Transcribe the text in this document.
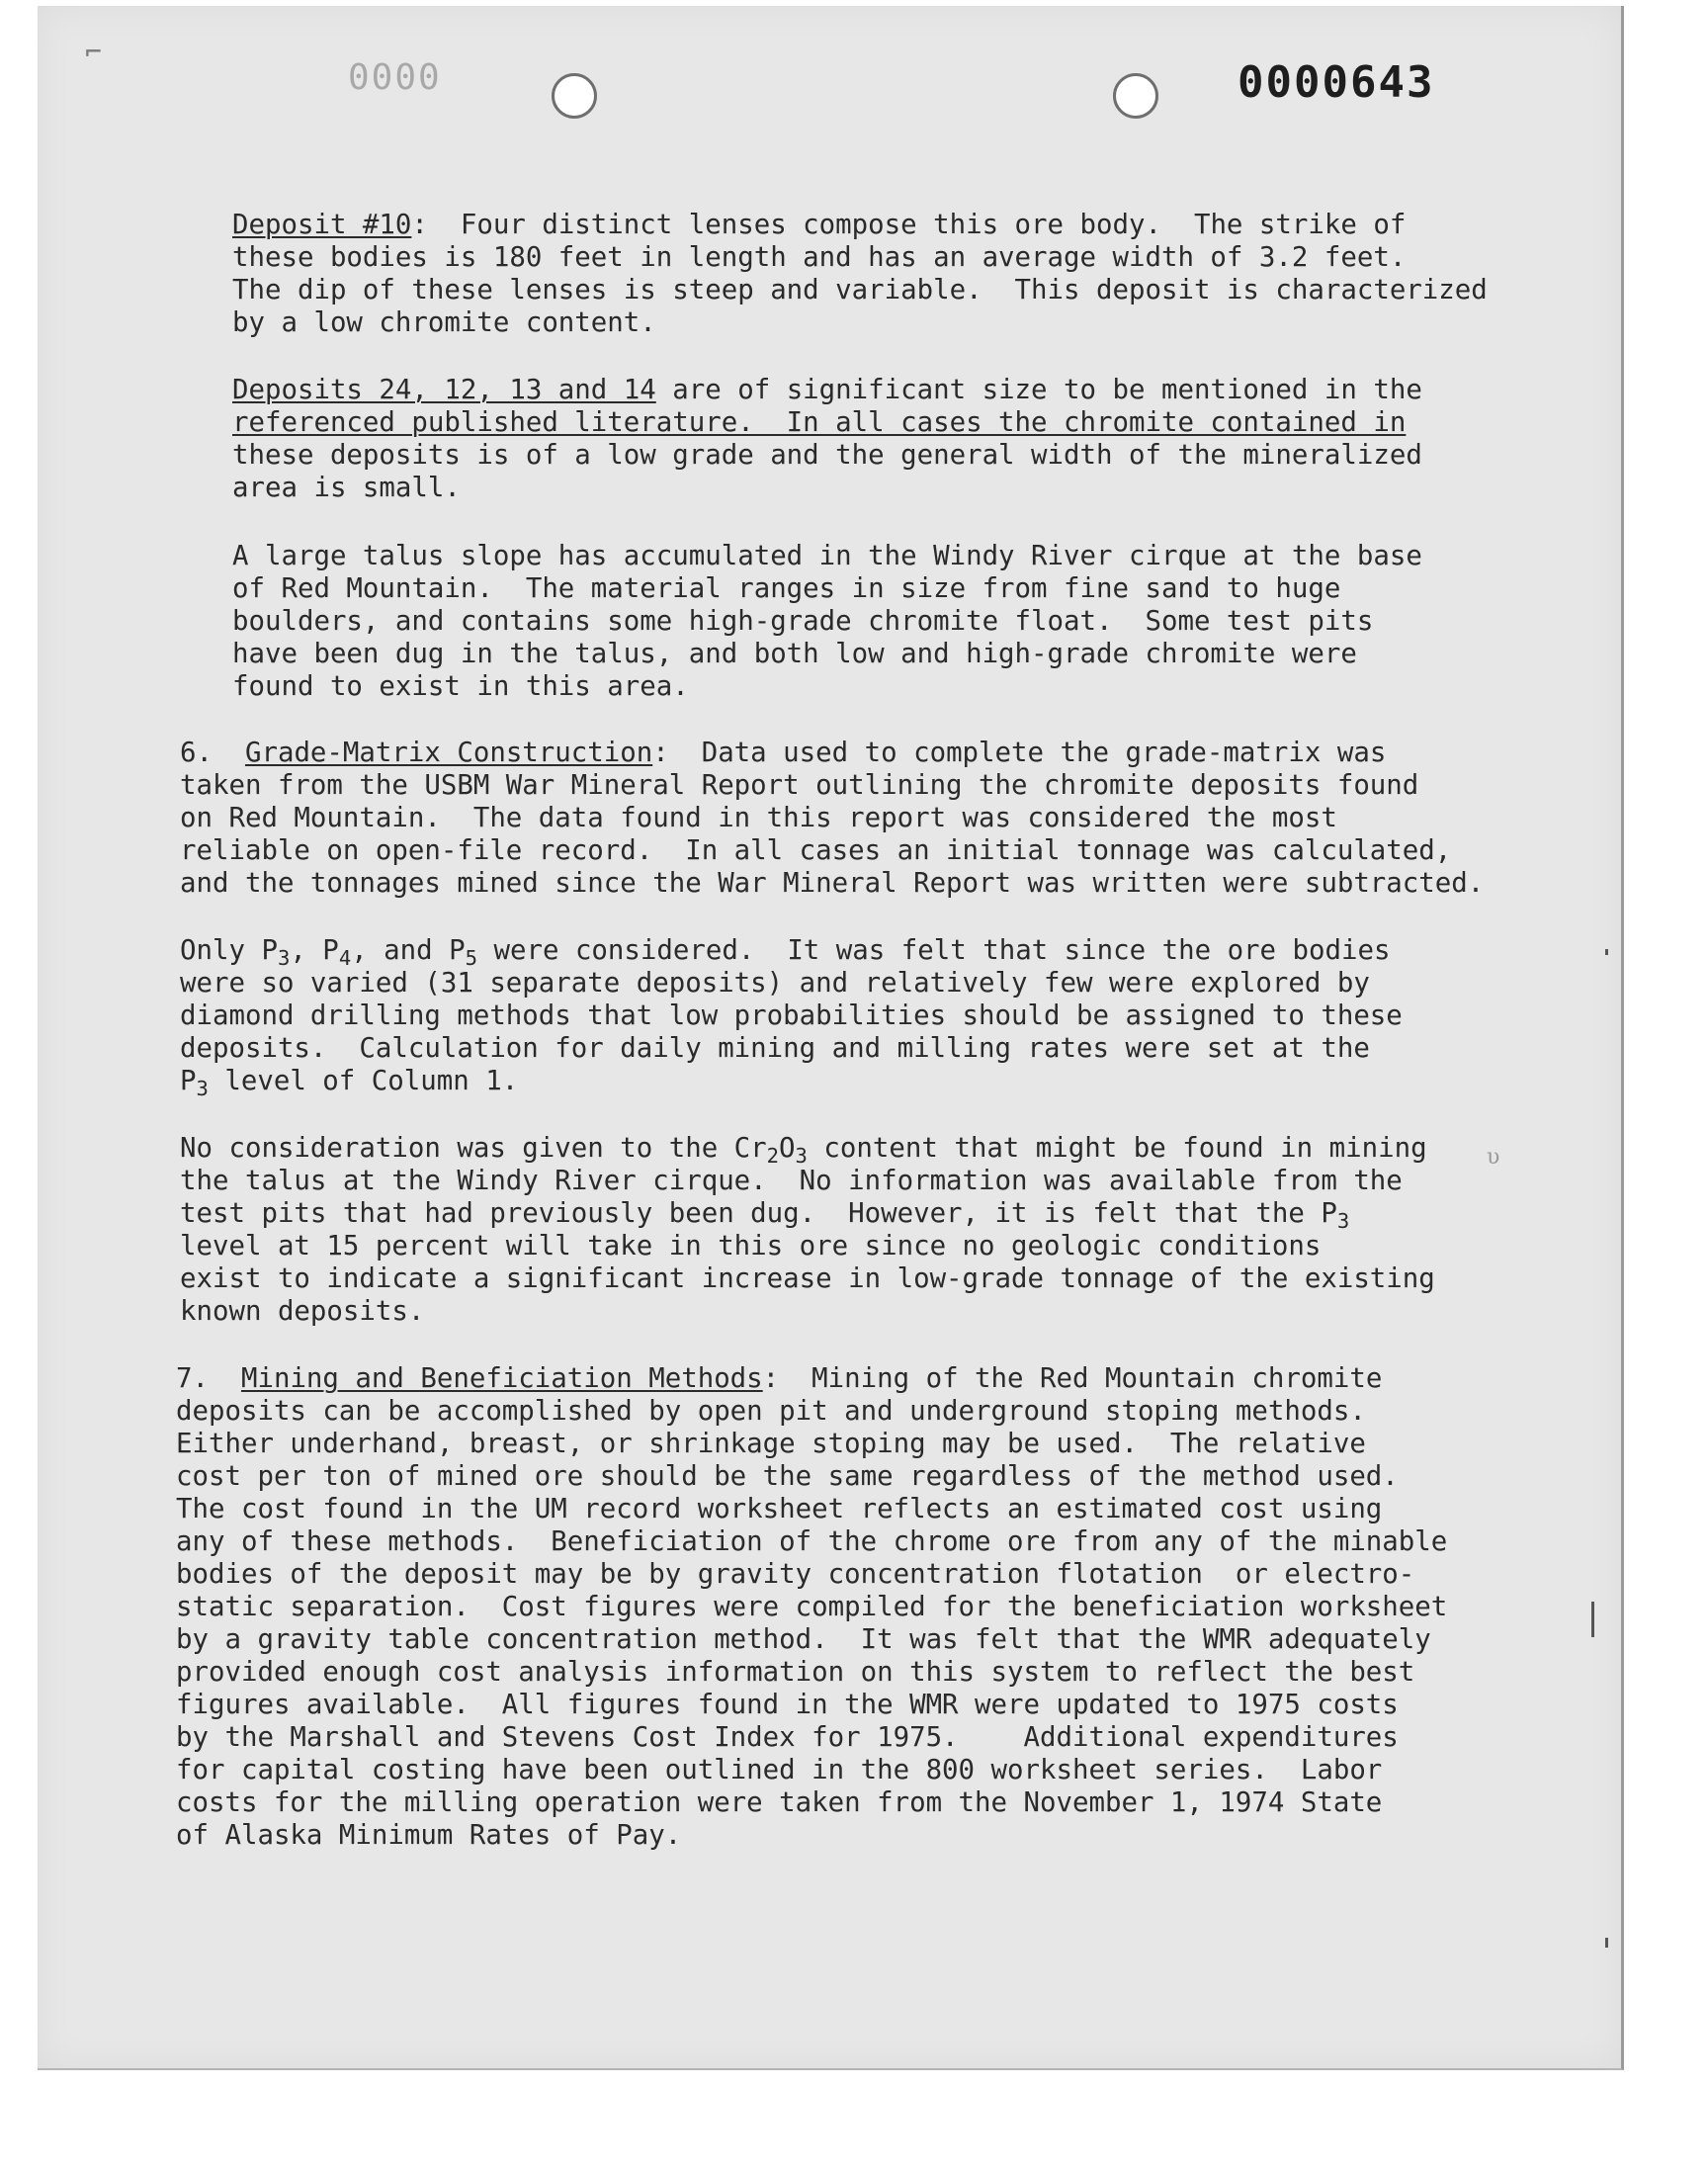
⌐
0000	0000643
Deposit #10:  Four distinct lenses compose this ore body.  The strike of
these bodies is 180 feet in length and has an average width of 3.2 feet.
The dip of these lenses is steep and variable.  This deposit is characterized
by a low chromite content.
Deposits 24, 12, 13 and 14 are of significant size to be mentioned in the
referenced published literature.  In all cases the chromite contained in
these deposits is of a low grade and the general width of the mineralized
area is small.
A large talus slope has accumulated in the Windy River cirque at the base
of Red Mountain.  The material ranges in size from fine sand to huge
boulders, and contains some high-grade chromite float.  Some test pits
have been dug in the talus, and both low and high-grade chromite were
found to exist in this area.
6.  Grade-Matrix Construction:  Data used to complete the grade-matrix was
taken from the USBM War Mineral Report outlining the chromite deposits found
on Red Mountain.  The data found in this report was considered the most
reliable on open-file record.  In all cases an initial tonnage was calculated,
and the tonnages mined since the War Mineral Report was written were subtracted.
Only $P_3$, $P_4$, and $P_5$ were considered.  It was felt that since the ore bodies
were so varied (31 separate deposits) and relatively few were explored by
diamond drilling methods that low probabilities should be assigned to these
deposits.  Calculation for daily mining and milling rates were set at the
$P_3$ level of Column 1.
No consideration was given to the $Cr_2O_3$ content that might be found in mining
the talus at the Windy River cirque.  No information was available from the
test pits that had previously been dug.  However, it is felt that the $P_3$
level at 15 percent will take in this ore since no geologic conditions
exist to indicate a significant increase in low-grade tonnage of the existing
known deposits.
7.  Mining and Beneficiation Methods:  Mining of the Red Mountain chromite
deposits can be accomplished by open pit and underground stoping methods.
Either underhand, breast, or shrinkage stoping may be used.  The relative
cost per ton of mined ore should be the same regardless of the method used.
The cost found in the UM record worksheet reflects an estimated cost using
any of these methods.  Beneficiation of the chrome ore from any of the minable
bodies of the deposit may be by gravity concentration flotation  or electro-
static separation.  Cost figures were compiled for the beneficiation worksheet
by a gravity table concentration method.  It was felt that the WMR adequately
provided enough cost analysis information on this system to reflect the best
figures available.  All figures found in the WMR were updated to 1975 costs
by the Marshall and Stevens Cost Index for 1975.    Additional expenditures
for capital costing have been outlined in the 800 worksheet series.  Labor
costs for the milling operation were taken from the November 1, 1974 State
of Alaska Minimum Rates of Pay.
υ
